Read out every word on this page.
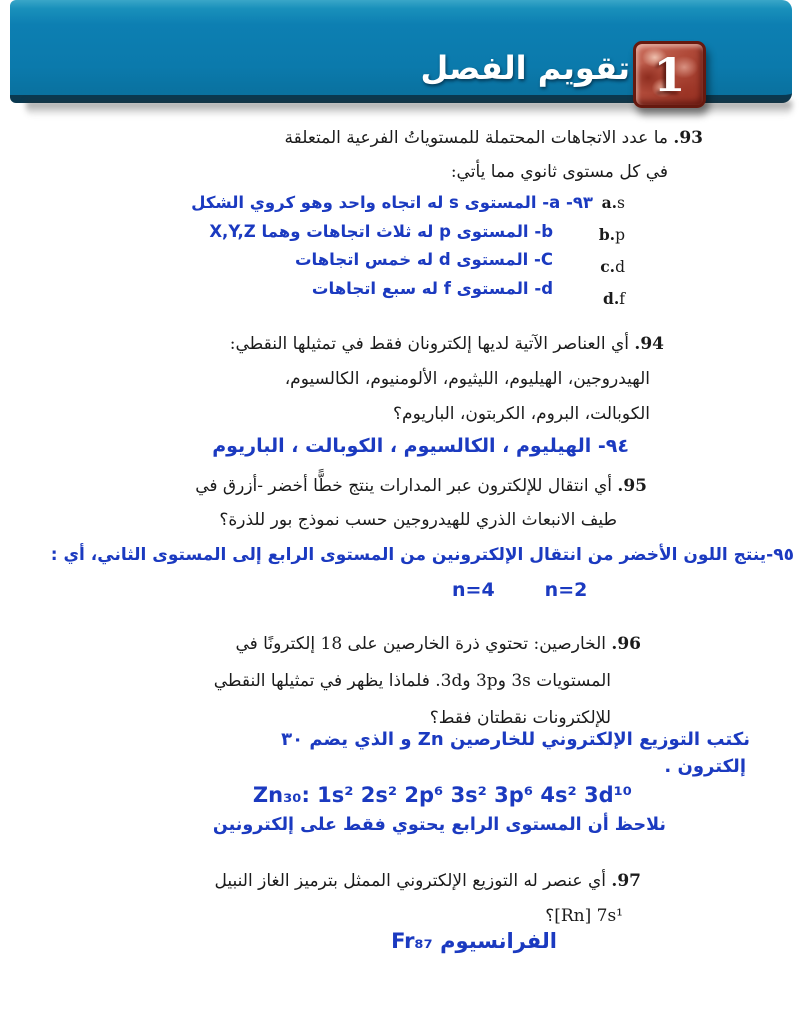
تقويم الفصل 1
93. ما عدد الاتجاهات المحتملة للمستوياتُ الفرعية المتعلقة
في كل مستوى ثانوي مما يأتي:
a.s
b.p
c.d
d.f
٩٣- a- المستوى s له اتجاه واحد وهو كروي الشكل
b- المستوى p له ثلاث اتجاهات وهما X,Y,Z
C- المستوى d له خمس اتجاهات
d- المستوى f له سبع اتجاهات
94. أي العناصر الآتية لديها إلكترونان فقط في تمثيلها النقطي:
الهيدروجين، الهيليوم، الليثيوم، الألومنيوم، الكالسيوم،
الكوبالت، البروم، الكربتون، الباريوم؟
٩٤- الهيليوم ، الكالسيوم ، الكوبالت ، الباريوم
95. أي انتقال للإلكترون عبر المدارات ينتج خطًّا أخضر -أزرق في
طيف الانبعاث الذري للهيدروجين حسب نموذج بور للذرة؟
٩٥-ينتج اللون الأخضر من انتقال الإلكترونين من المستوى الرابع إلى المستوى الثاني، أي :
n=4	n=2
96. الخارصين: تحتوي ذرة الخارصين على 18 إلكترونًا في
المستويات 3s و3p و3d. فلماذا يظهر في تمثيلها النقطي
للإلكترونات نقطتان فقط؟
نكتب التوزيع الإلكتروني للخارصين Zn و الذي يضم ٣٠
إلكترون .
Zn₃₀: 1s² 2s² 2p⁶ 3s² 3p⁶ 4s² 3d¹⁰
نلاحظ أن المستوى الرابع يحتوي فقط على إلكترونين
97. أي عنصر له التوزيع الإلكتروني الممثل بترميز الغاز النبيل
‪[Rn] 7s¹‬؟
الفرانسيوم Fr₈₇
